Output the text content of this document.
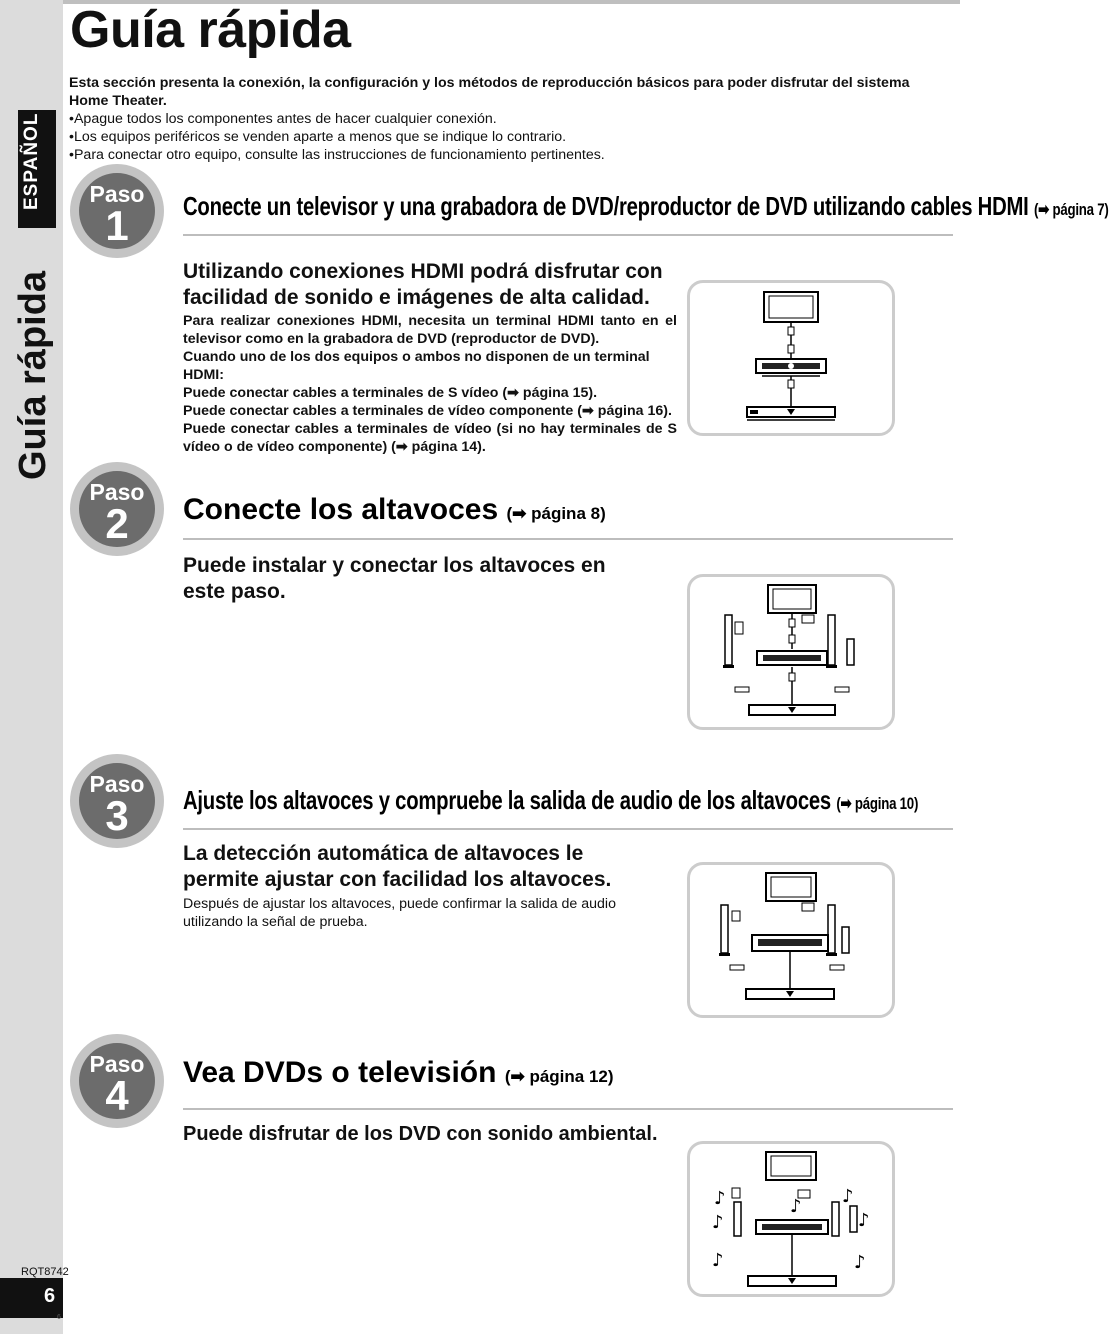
ESPAÑOL
Guía rápida
RQT8742
6
6
Guía rápida
Esta sección presenta la conexión, la configuración y los métodos de reproducción básicos para poder disfrutar del sistema Home Theater.
• Apague todos los componentes antes de hacer cualquier conexión.
• Los equipos periféricos se venden aparte a menos que se indique lo contrario.
• Para conectar otro equipo, consulte las instrucciones de funcionamiento pertinentes.
Paso
1	Conecte un televisor y una grabadora de DVD/reproductor de DVD utilizando cables HDMI (➡ página 7)
Utilizando conexiones HDMI podrá disfrutar con facilidad de sonido e imágenes de alta calidad.
Para realizar conexiones HDMI, necesita un terminal HDMI tanto en el televisor como en la grabadora de DVD (reproductor de DVD).
Cuando uno de los dos equipos o ambos no disponen de un terminal HDMI:
Puede conectar cables a terminales de S vídeo (➡ página 15).
Puede conectar cables a terminales de vídeo componente (➡ página 16).
Puede conectar cables a terminales de vídeo (si no hay terminales de S vídeo o de vídeo componente) (➡ página 14).
Paso
2	Conecte los altavoces (➡ página 8)
Puede instalar y conectar los altavoces en este paso.
Paso
3	Ajuste los altavoces y compruebe la salida de audio de los altavoces (➡ página 10)
La detección automática de altavoces le permite ajustar con facilidad los altavoces.
Después de ajustar los altavoces, puede confirmar la salida de audio utilizando la señal de prueba.
Paso
4	Vea DVDs o televisión (➡ página 12)
Puede disfrutar de los DVD con sonido ambiental.
♪
♪
♪ ♪
♪
♪	♪
